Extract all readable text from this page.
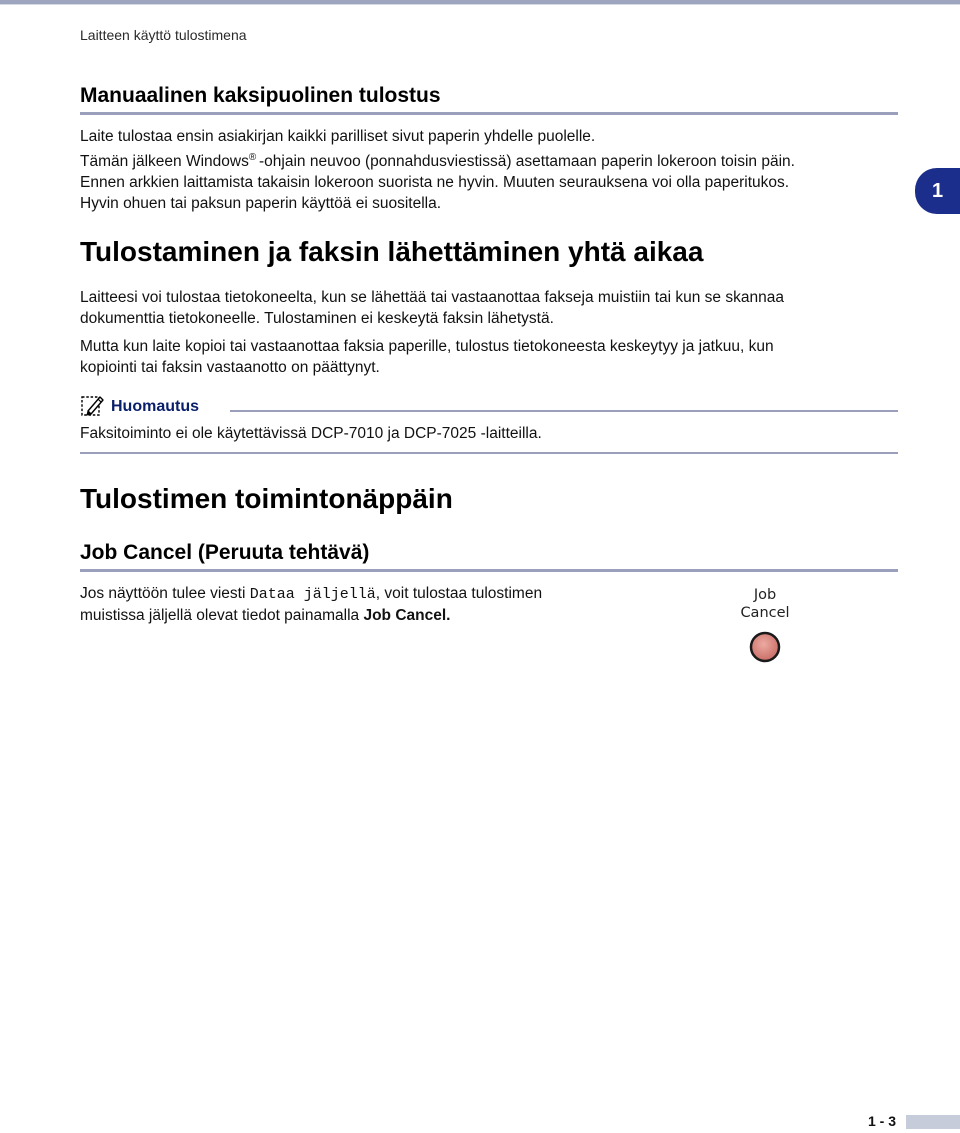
Laitteen käyttö tulostimena
1
Manuaalinen kaksipuolinen tulostus
Laite tulostaa ensin asiakirjan kaikki parilliset sivut paperin yhdelle puolelle.
Tämän jälkeen Windows® -ohjain neuvoo (ponnahdusviestissä) asettamaan paperin lokeroon toisin päin.
Ennen arkkien laittamista takaisin lokeroon suorista ne hyvin. Muuten seurauksena voi olla paperitukos.
Hyvin ohuen tai paksun paperin käyttöä ei suositella.
Tulostaminen ja faksin lähettäminen yhtä aikaa
Laitteesi voi tulostaa tietokoneelta, kun se lähettää tai vastaanottaa fakseja muistiin tai kun se skannaa
dokumenttia tietokoneelle. Tulostaminen ei keskeytä faksin lähetystä.
Mutta kun laite kopioi tai vastaanottaa faksia paperille, tulostus tietokoneesta keskeytyy ja jatkuu, kun
kopiointi tai faksin vastaanotto on päättynyt.
Huomautus
Faksitoiminto ei ole käytettävissä DCP-7010 ja DCP-7025 -laitteilla.
Tulostimen toimintonäppäin
Job Cancel (Peruuta tehtävä)
Jos näyttöön tulee viesti Dataa jäljellä, voit tulostaa tulostimen
muistissa jäljellä olevat tiedot painamalla Job Cancel.
Job
Cancel
1 - 3
